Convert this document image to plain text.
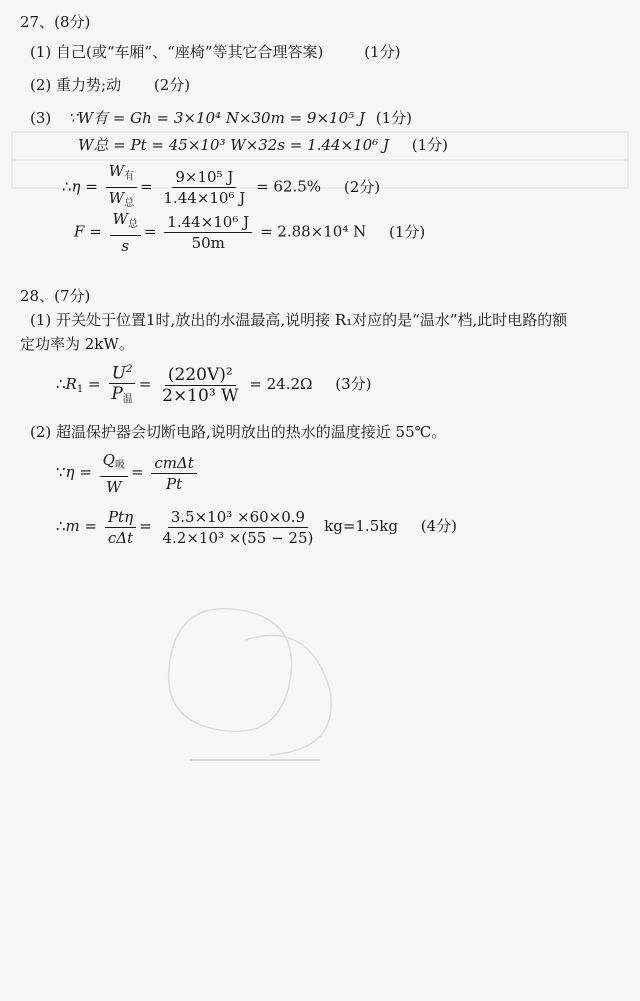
27、(8分)
(1) 自己(或“车厢”、“座椅”等其它合理答案)	(1分)
(2) 重力势;动 (2分)
(3) ∵W有 = Gh = 3×10⁴ N×30m = 9×10⁵ J (1分)
W总 = Pt = 45×10³ W×32s = 1.44×10⁶ J (1分)
∴η = $\frac{W_有}{W_总} = \frac{\text{9×10⁵ J}}{\text{1.44×10⁶ J}} = 62.5\%$ (2分)
$F = \frac{W_总}{s} = \frac{\text{1.44×10⁶ J}}{50m} = 2.88\times 10^4$ N (1分)
28、(7分)
(1) 开关处于位置1时,放出的水温最高,说明接 R₁对应的是“温水”档,此时电路的额
定功率为 2kW。
$\therefore R_1 = \frac{U^2}{P_温} = \frac{\text{(220V)²}}{\text{2×10³ W}} = 24.2\Omega$ (3分)
(2) 超温保护器会切断电路,说明放出的热水的温度接近 55℃。
∵η = $\frac{Q_吸}{W} = \frac{\text{cmΔt}}{Pt}$
∴m = $\frac{\text{Ptη}}{\text{cΔt}} = \frac{\text{3.5×10³ ×60×0.9}}{\text{4.2×10³ ×(55 − 25)}} kg=1.5kg$ (4分)
